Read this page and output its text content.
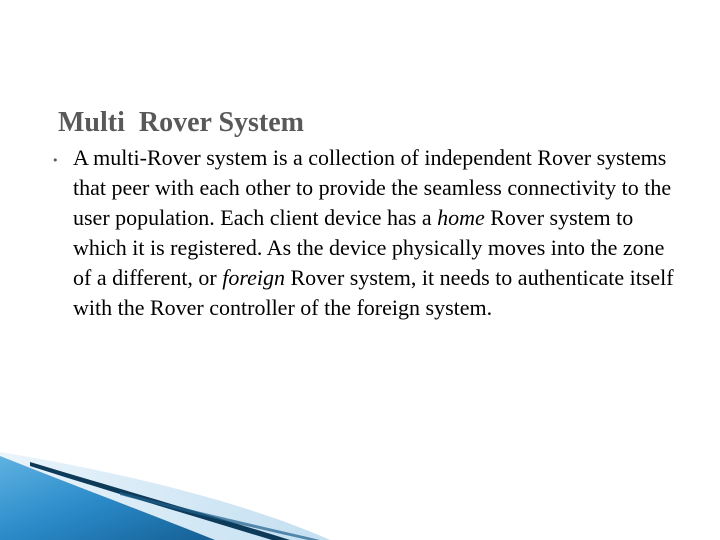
Multi  Rover System
• A multi-Rover system is a collection of independent Rover systems that peer with each other to provide the seamless connectivity to the user population. Each client device has a home Rover system to which it is registered. As the device physically moves into the zone of a different, or foreign Rover system, it needs to authenticate itself with the Rover controller of the foreign system.
